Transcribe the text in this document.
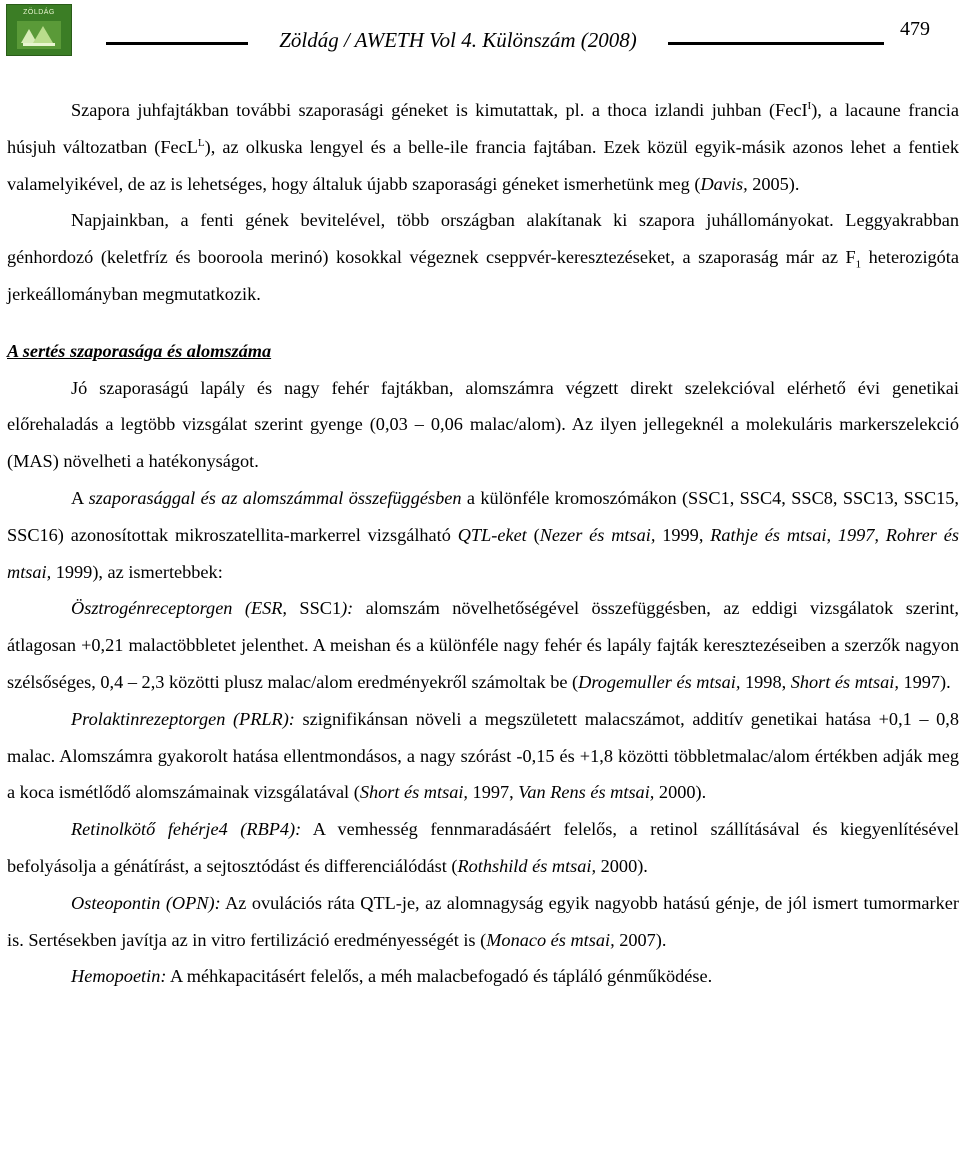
ZÖLDÁG
Zöldág / AWETH Vol 4. Különszám (2008)	479

Szapora juhfajtákban további szaporasági géneket is kimutattak, pl. a thoca izlandi juhban (FecI$^I$), a lacaune francia húsjuh változatban (FecL$^L$), az olkuska lengyel és a belle-ile francia fajtában. Ezek közül egyik-másik azonos lehet a fentiek valamelyikével, de az is lehetséges, hogy általuk újabb szaporasági géneket ismerhetünk meg (Davis, 2005).

Napjainkban, a fenti gének bevitelével, több országban alakítanak ki szapora juhállományokat. Leggyakrabban génhordozó (keletfríz és booroola merinó) kosokkal végeznek cseppvér-keresztezéseket, a szaporaság már az $F_1$ heterozigóta jerkeállományban megmutatkozik.

A sertés szaporasága és alomszáma

Jó szaporaságú lapály és nagy fehér fajtákban, alomszámra végzett direkt szelekcióval elérhető évi genetikai előrehaladás a legtöbb vizsgálat szerint gyenge (0,03 – 0,06 malac/alom). Az ilyen jellegeknél a molekuláris markerszelekció (MAS) növelheti a hatékonyságot.

A szaporasággal és az alomszámmal összefüggésben a különféle kromoszómákon (SSC1, SSC4, SSC8, SSC13, SSC15, SSC16) azonosítottak mikroszatellita-markerrel vizsgálható QTL-eket (Nezer és mtsai, 1999, Rathje és mtsai, 1997, Rohrer és mtsai, 1999), az ismertebbek:

Ösztrogénreceptorgen (ESR, SSC1): alomszám növelhetőségével összefüggésben, az eddigi vizsgálatok szerint, átlagosan +0,21 malactöbbletet jelenthet. A meishan és a különféle nagy fehér és lapály fajták keresztezéseiben a szerzők nagyon szélsőséges, 0,4 – 2,3 közötti plusz malac/alom eredményekről számoltak be (Drogemuller és mtsai, 1998, Short és mtsai, 1997).

Prolaktinrezeptorgen (PRLR): szignifikánsan növeli a megszületett malacszámot, additív genetikai hatása +0,1 – 0,8 malac. Alomszámra gyakorolt hatása ellentmondásos, a nagy szórást -0,15 és +1,8 közötti többletmalac/alom értékben adják meg a koca ismétlődő alomszámainak vizsgálatával (Short és mtsai, 1997, Van Rens és mtsai, 2000).

Retinolkötő fehérje4 (RBP4): A vemhesség fennmaradásáért felelős, a retinol szállításával és kiegyenlítésével befolyásolja a génátírást, a sejtosztódást és differenciálódást (Rothshild és mtsai, 2000).

Osteopontin (OPN): Az ovulációs ráta QTL-je, az alomnagyság egyik nagyobb hatású génje, de jól ismert tumormarker is. Sertésekben javítja az in vitro fertilizáció eredményességét is (Monaco és mtsai, 2007).

Hemopoetin: A méhkapacitásért felelős, a méh malacbefogadó és tápláló génműködése.
